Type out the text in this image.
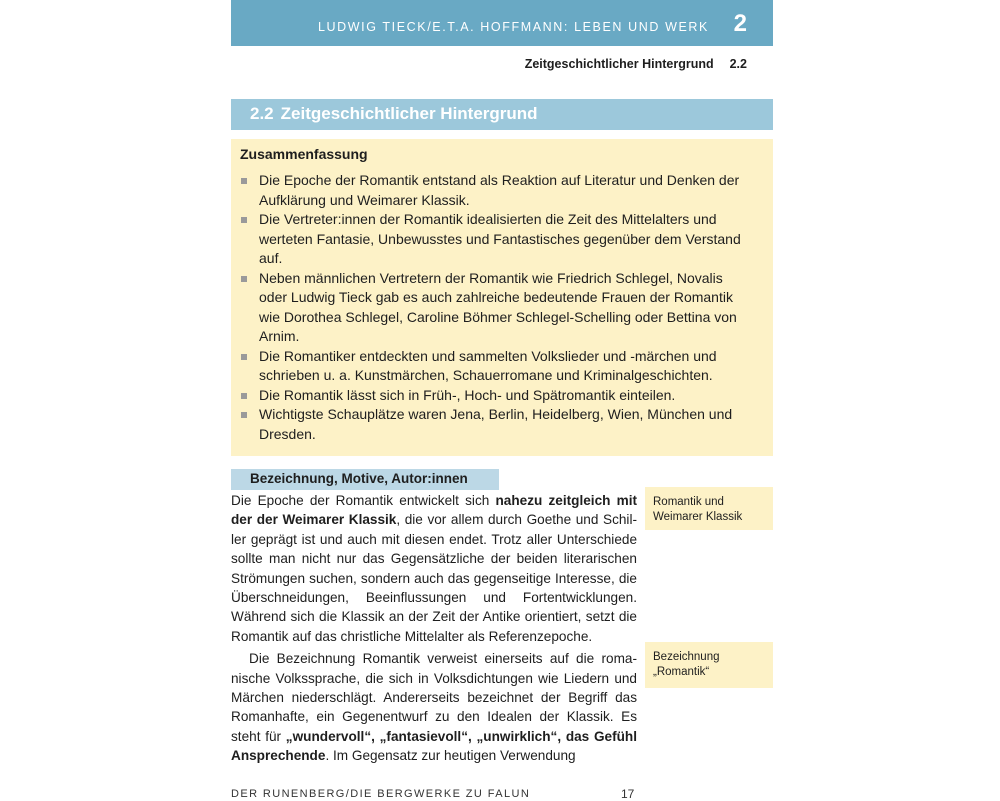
LUDWIG TIECK/E.T.A. HOFFMANN: LEBEN UND WERK 2
Zeitgeschichtlicher Hintergrund 2.2
2.2 Zeitgeschichtlicher Hintergrund
Zusammenfassung
Die Epoche der Romantik entstand als Reaktion auf Literatur und Denken der Aufklärung und Weimarer Klassik.
Die Vertreter:innen der Romantik idealisierten die Zeit des Mittelalters und werteten Fantasie, Unbewusstes und Fantastisches gegenüber dem Verstand auf.
Neben männlichen Vertretern der Romantik wie Friedrich Schlegel, Novalis oder Ludwig Tieck gab es auch zahlreiche bedeutende Frauen der Romantik wie Dorothea Schlegel, Caroline Böhmer Schlegel-Schelling oder Bettina von Arnim.
Die Romantiker entdeckten und sammelten Volkslieder und -märchen und schrieben u. a. Kunstmärchen, Schauerromane und Kriminalgeschichten.
Die Romantik lässt sich in Früh-, Hoch- und Spätromantik einteilen.
Wichtigste Schauplätze waren Jena, Berlin, Heidelberg, Wien, München und Dresden.
Bezeichnung, Motive, Autor:innen

Die Epoche der Romantik entwickelt sich nahezu zeitgleich mit der der Weimarer Klassik, die vor allem durch Goethe und Schiller geprägt ist und auch mit diesen endet. Trotz aller Unterschiede sollte man nicht nur das Gegensätzliche der beiden literarischen Strömungen suchen, sondern auch das gegenseitige Interesse, die Überschneidungen, Beeinflussungen und Fortentwicklungen. Während sich die Klassik an der Zeit der Antike orientiert, setzt die Romantik auf das christliche Mittelalter als Referenzepoche.

Die Bezeichnung Romantik verweist einerseits auf die romanische Volkssprache, die sich in Volksdichtungen wie Liedern und Märchen niederschlägt. Andererseits bezeichnet der Begriff das Romanhafte, ein Gegenentwurf zu den Idealen der Klassik. Es steht für „wundervoll“, „fantasievoll“, „unwirklich“, das Gefühl Ansprechende. Im Gegensatz zur heutigen Verwendung

Romantik und
Weimarer Klassik
Bezeichnung
„Romantik“
DER RUNENBERG/DIE BERGWERKE ZU FALUN	17
